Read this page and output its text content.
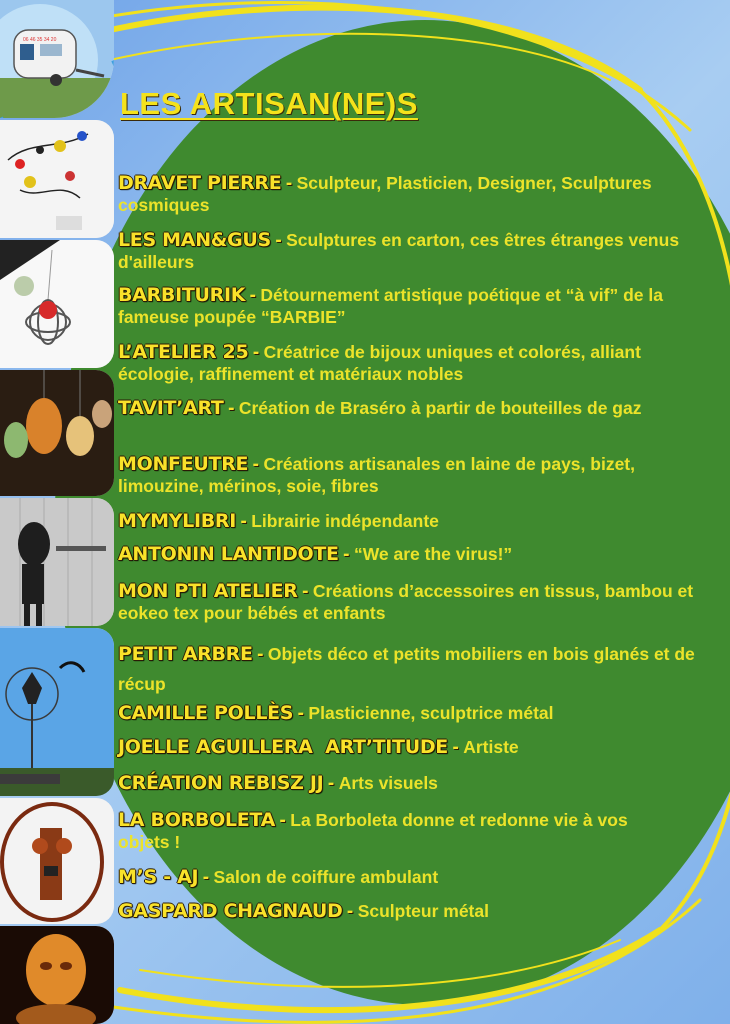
06 46 35 34 20
LES ARTISAN(NE)S
DRAVET PIERRE - Sculpteur, Plasticien, Designer, Sculptures cosmiques
LES MAN&GUS - Sculptures en carton, ces êtres étranges venus d'ailleurs
BARBITURIK - Détournement artistique poétique et “à vif” de la fameuse poupée “BARBIE”
L’ATELIER 25 - Créatrice de bijoux uniques et colorés, alliant écologie, raffinement et matériaux nobles
TAVIT’ART - Création de Braséro à partir de bouteilles de gaz
MONFEUTRE - Créations artisanales en laine de pays, bizet, limouzine, mérinos, soie, fibres
MYMYLIBRI - Librairie indépendante
ANTONIN LANTIDOTE - “We are the virus!”
MON PTI ATELIER - Créations d’accessoires en tissus, bambou et eokeo tex pour bébés et enfants
PETIT ARBRE - Objets déco et petits mobiliers en bois glanés et de récup
CAMILLE POLLÈS - Plasticienne, sculptrice métal
JOELLE AGUILLERA  ART’TITUDE - Artiste
CRÉATION REBISZ JJ - Arts visuels
LA BORBOLETA - La Borboleta donne et redonne vie à vos objets !
M’S - AJ - Salon de coiffure ambulant
GASPARD CHAGNAUD - Sculpteur métal
